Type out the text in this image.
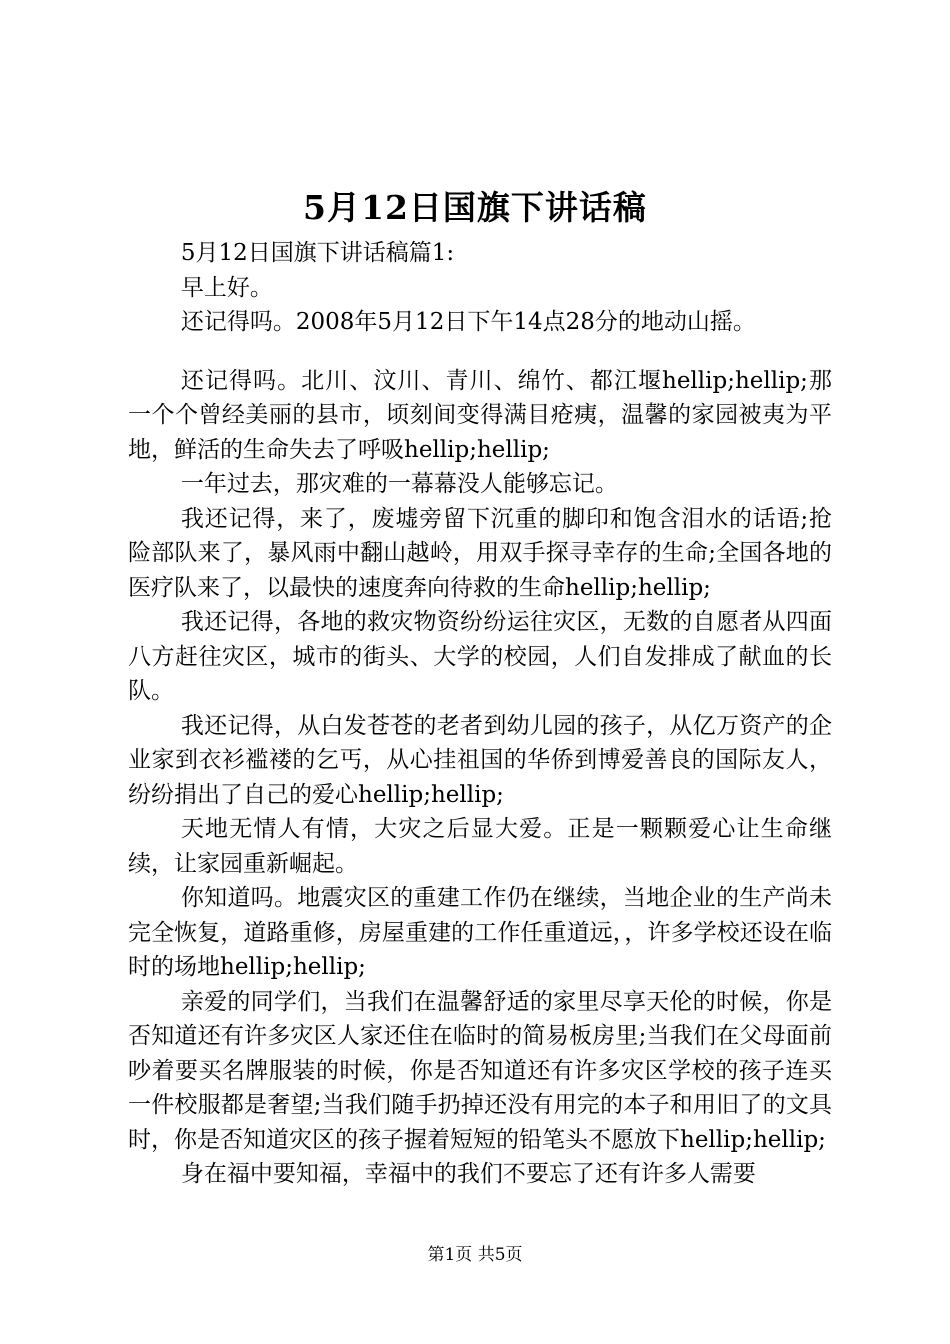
5月12日国旗下讲话稿

5月12日国旗下讲话稿篇1:

早上好。

还记得吗。2008年5月12日下午14点28分的地动山摇。

还记得吗。北川、汶川、青川、绵竹、都江堰hellip;hellip;那一个个曾经美丽的县市，顷刻间变得满目疮痍，温馨的家园被夷为平地，鲜活的生命失去了呼吸hellip;hellip;

一年过去，那灾难的一幕幕没人能够忘记。

我还记得，来了，废墟旁留下沉重的脚印和饱含泪水的话语;抢险部队来了，暴风雨中翻山越岭，用双手探寻幸存的生命;全国各地的医疗队来了，以最快的速度奔向待救的生命hellip;hellip;

我还记得，各地的救灾物资纷纷运往灾区，无数的自愿者从四面八方赶往灾区，城市的街头、大学的校园，人们自发排成了献血的长队。

我还记得，从白发苍苍的老者到幼儿园的孩子，从亿万资产的企业家到衣衫褴褛的乞丐，从心挂祖国的华侨到博爱善良的国际友人，纷纷捐出了自己的爱心hellip;hellip;

天地无情人有情，大灾之后显大爱。正是一颗颗爱心让生命继续，让家园重新崛起。

你知道吗。地震灾区的重建工作仍在继续，当地企业的生产尚未完全恢复，道路重修，房屋重建的工作任重道远，，许多学校还设在临时的场地hellip;hellip;

亲爱的同学们，当我们在温馨舒适的家里尽享天伦的时候，你是否知道还有许多灾区人家还住在临时的简易板房里;当我们在父母面前吵着要买名牌服装的时候，你是否知道还有许多灾区学校的孩子连买一件校服都是奢望;当我们随手扔掉还没有用完的本子和用旧了的文具时，你是否知道灾区的孩子握着短短的铅笔头不愿放下hellip;hellip;

身在福中要知福，幸福中的我们不要忘了还有许多人需要

第1页 共5页
